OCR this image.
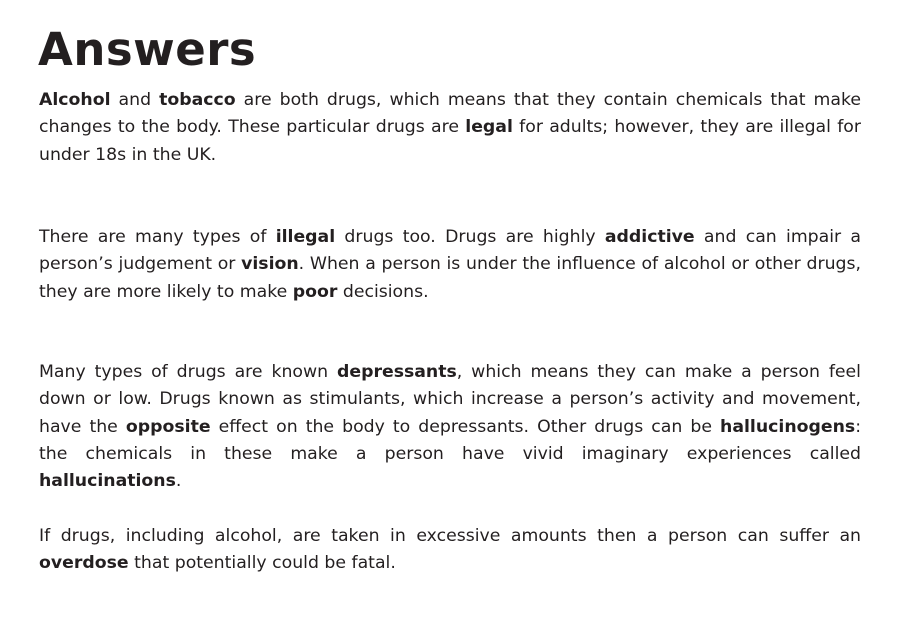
Answers

Alcohol and tobacco are both drugs, which means that they contain chemicals that make changes to the body. These particular drugs are legal for adults; however, they are illegal for under 18s in the UK.

There are many types of illegal drugs too. Drugs are highly addictive and can impair a person’s judgement or vision. When a person is under the influence of alcohol or other drugs, they are more likely to make poor decisions.

Many types of drugs are known depressants, which means they can make a person feel down or low. Drugs known as stimulants, which increase a person’s activity and movement, have the opposite effect on the body to depressants. Other drugs can be hallucinogens: the chemicals in these make a person have vivid imaginary experiences called hallucinations.

If drugs, including alcohol, are taken in excessive amounts then a person can suffer an overdose that potentially could be fatal.
